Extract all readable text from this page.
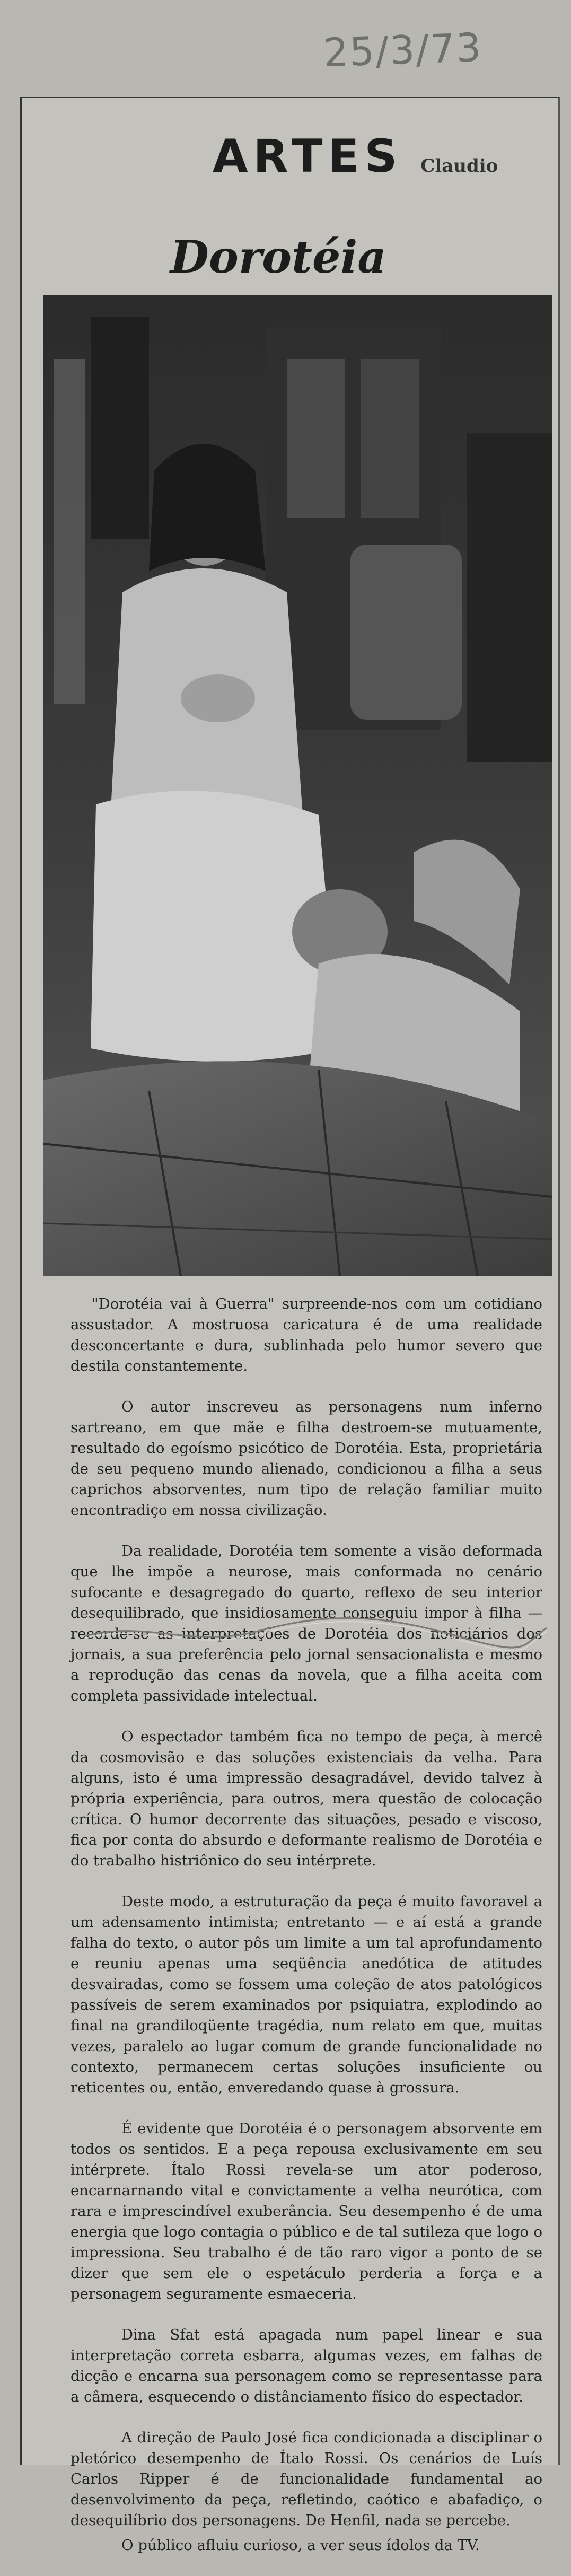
25/3/73
ARTES Claudio
Dorotéia

"Dorotéia vai à Guerra" surpreende-nos com um cotidiano assustador. A mostruosa caricatura é de uma realidade desconcertante e dura, sublinhada pelo humor severo que destila constantemente.

O autor inscreveu as personagens num inferno sartreano, em que mãe e filha destroem-se mutuamente, resultado do egoísmo psicótico de Dorotéia. Esta, proprietária de seu pequeno mundo alienado, condicionou a filha a seus caprichos absorventes, num tipo de relação familiar muito encontradiço em nossa civilização.

Da realidade, Dorotéia tem somente a visão deformada que lhe impõe a neurose, mais conformada no cenário sufocante e desagregado do quarto, reflexo de seu interior desequilibrado, que insidiosamente conseguiu impor à filha — recorde-se as interpretações de Dorotéia dos noticiários dos jornais, a sua preferência pelo jornal sensacionalista e mesmo a reprodução das cenas da novela, que a filha aceita com completa passividade intelectual.

O espectador também fica no tempo de peça, à mercê da cosmovisão e das soluções existenciais da velha. Para alguns, isto é uma impressão desagradável, devido talvez à própria experiência, para outros, mera questão de colocação crítica. O humor decorrente das situações, pesado e viscoso, fica por conta do absurdo e deformante realismo de Dorotéia e do trabalho histriônico do seu intérprete.

Deste modo, a estruturação da peça é muito favoravel a um adensamento intimista; entretanto — e aí está a grande falha do texto, o autor pôs um limite a um tal aprofundamento e reuniu apenas uma seqüência anedótica de atitudes desvairadas, como se fossem uma coleção de atos patológicos passíveis de serem examinados por psiquiatra, explodindo ao final na grandiloqüente tragédia, num relato em que, muitas vezes, paralelo ao lugar comum de grande funcionalidade no contexto, permanecem certas soluções insuficiente ou reticentes ou, então, enveredando quase à grossura.

É evidente que Dorotéia é o personagem absorvente em todos os sentidos. E a peça repousa exclusivamente em seu intérprete. Ítalo Rossi revela-se um ator poderoso, encarnarnando vital e convictamente a velha neurótica, com rara e imprescindível exuberância. Seu desempenho é de uma energia que logo contagia o público e de tal sutileza que logo o impressiona. Seu trabalho é de tão raro vigor a ponto de se dizer que sem ele o espetáculo perderia a força e a personagem seguramente esmaeceria.

Dina Sfat está apagada num papel linear e sua interpretação correta esbarra, algumas vezes, em falhas de dicção e encarna sua personagem como se representasse para a câmera, esquecendo o distânciamento físico do espectador.

A direção de Paulo José fica condicionada a disciplinar o pletórico desempenho de Ítalo Rossi. Os cenários de Luís Carlos Ripper é de funcionalidade fundamental ao desenvolvimento da peça, refletindo, caótico e abafadiço, o desequilíbrio dos personagens. De Henfil, nada se percebe.

O público afluiu curioso, a ver seus ídolos da TV.
